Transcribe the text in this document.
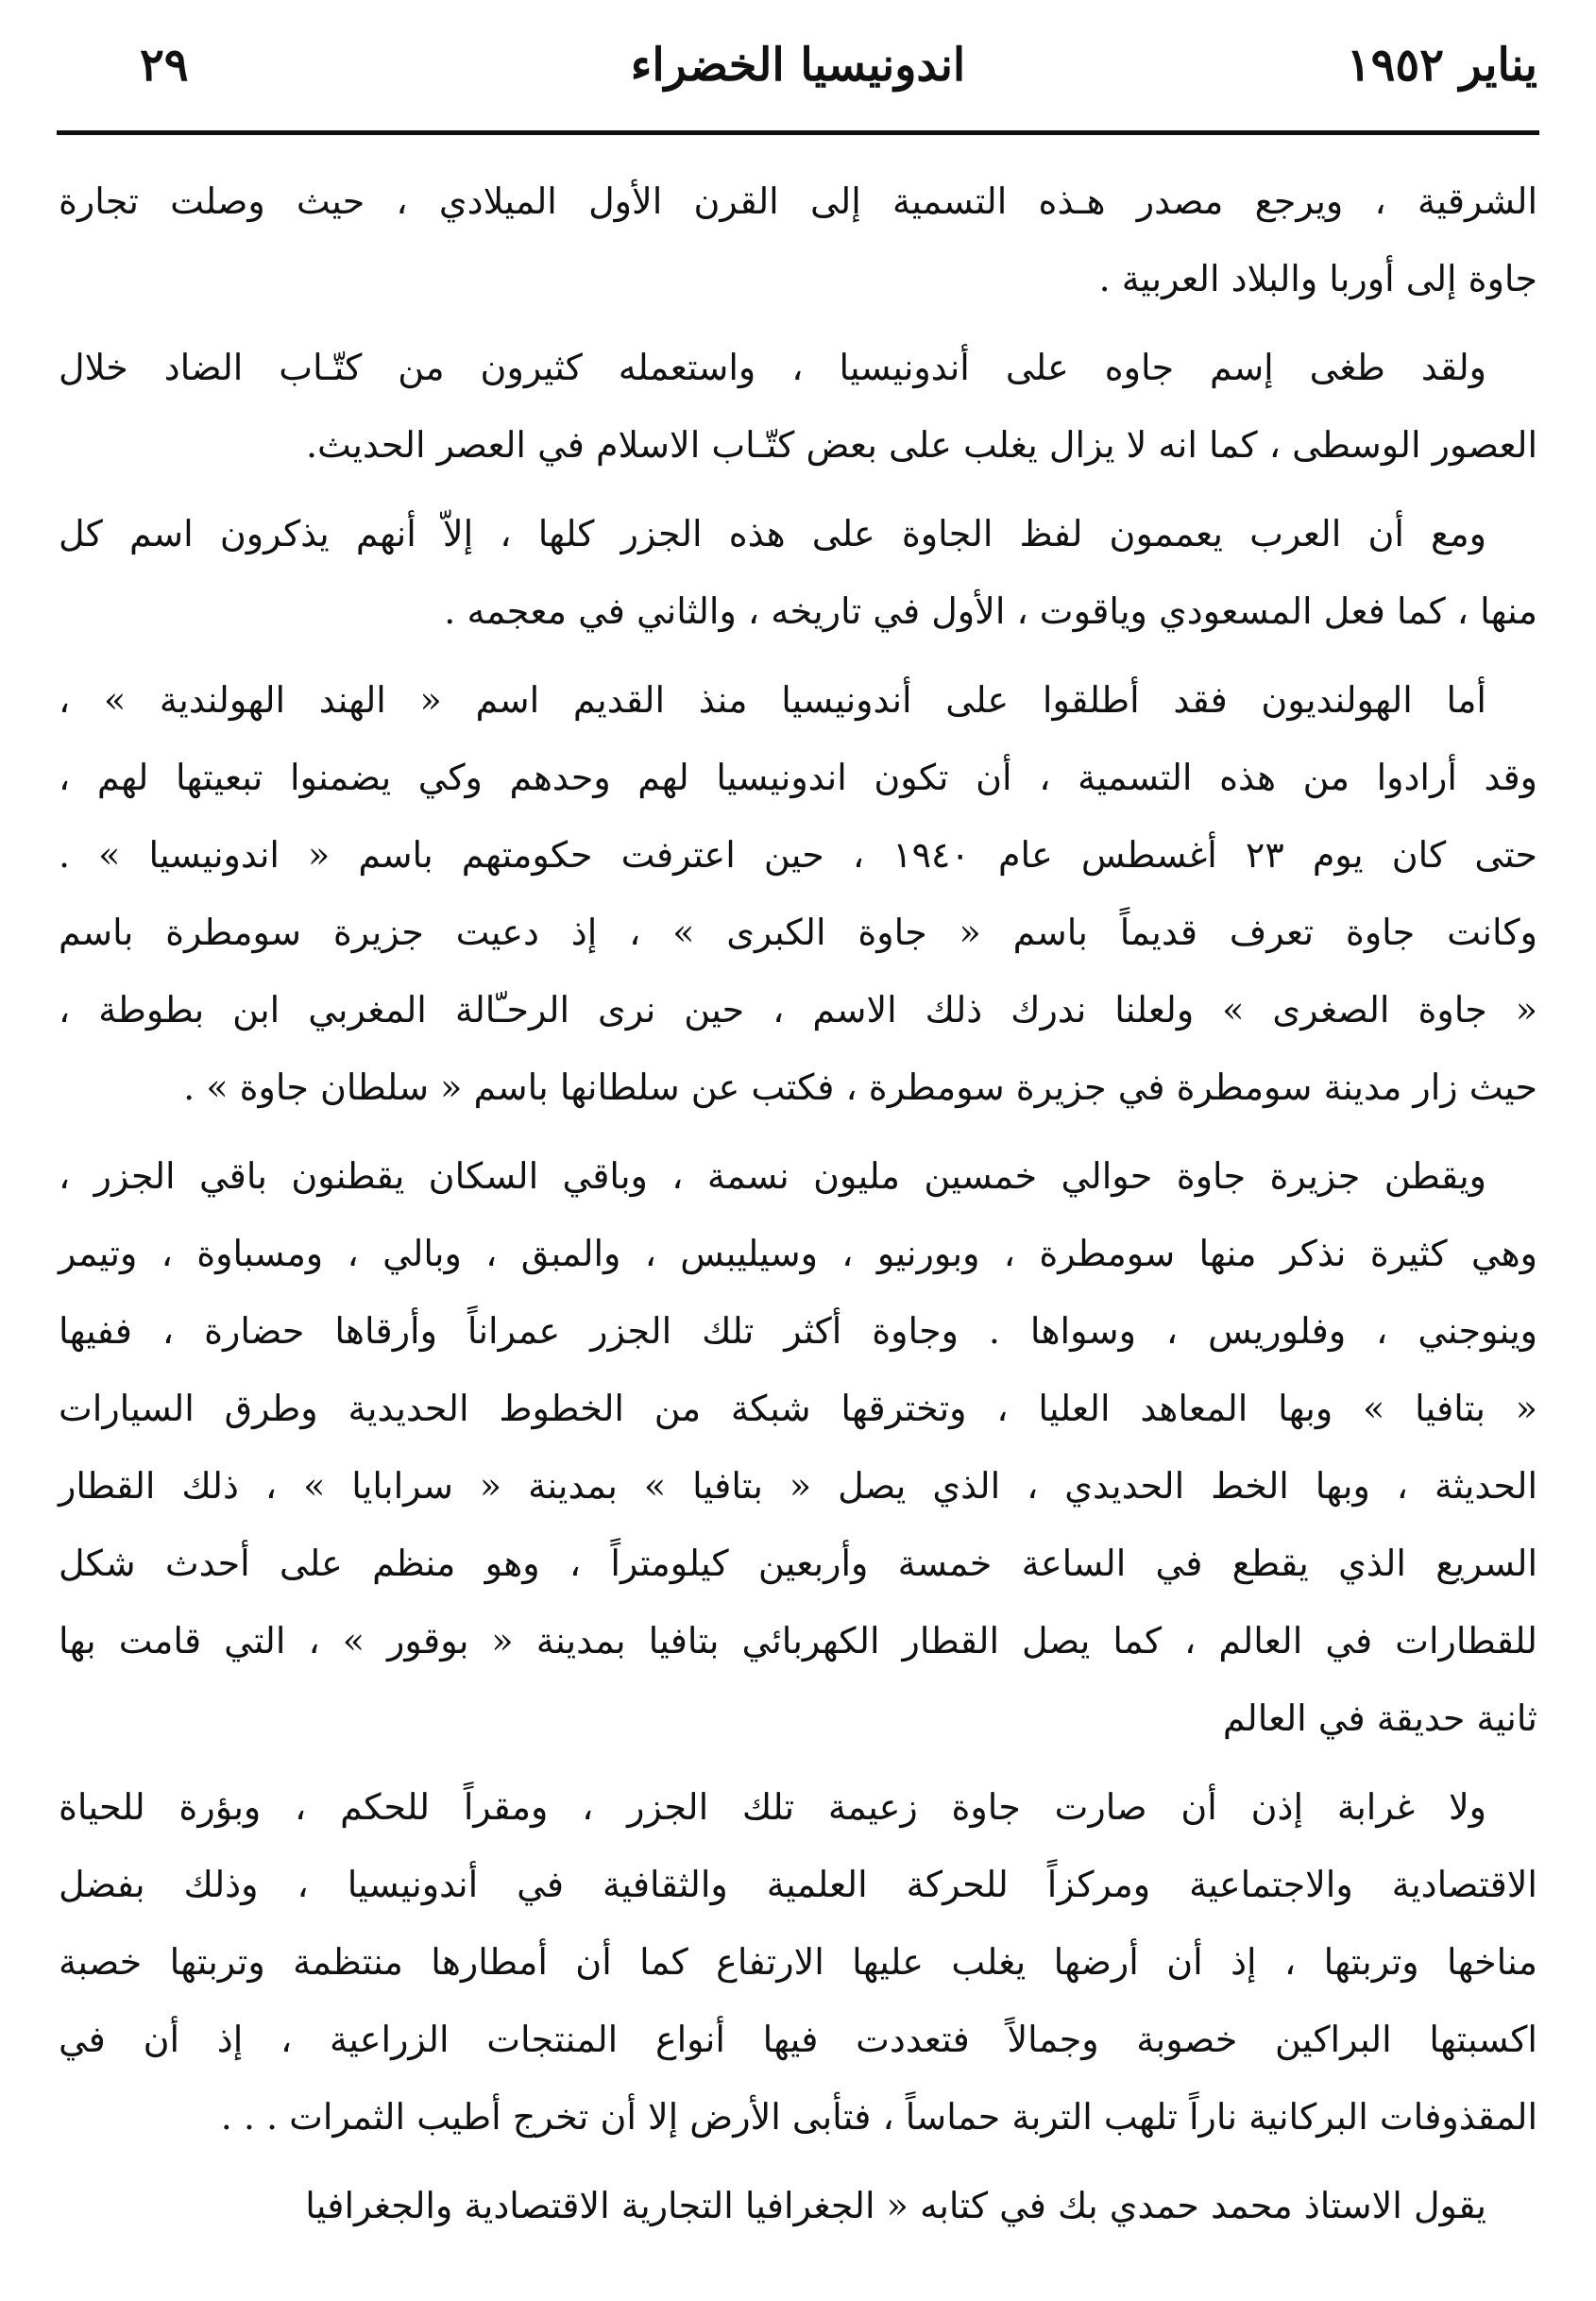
يناير ١٩٥٢
اندونيسيا الخضراء
٢٩

الشرقية ، ويرجع مصدر هـذه التسمية إلى القرن الأول الميلادي ، حيث وصلت تجارة
جاوة إلى أوربا والبلاد العربية .

ولقد طغى إسم جاوه على أندونيسيا ، واستعمله كثيرون من كتّـاب الضاد خلال
العصور الوسطى ، كما انه لا يزال يغلب على بعض كتّـاب الاسلام في العصر الحديث.

ومع أن العرب يعممون لفظ الجاوة على هذه الجزر كلها ، إلاّ أنهم يذكرون اسم كل
منها ، كما فعل المسعودي وياقوت ، الأول في تاريخه ، والثاني في معجمه .

أما الهولنديون فقد أطلقوا على أندونيسيا منذ القديم اسم « الهند الهولندية » ،
وقد أرادوا من هذه التسمية ، أن تكون اندونيسيا لهم وحدهم وكي يضمنوا تبعيتها لهم ،
حتى كان يوم ٢٣ أغسطس عام ١٩٤٠ ، حين اعترفت حكومتهم باسم « اندونيسيا » .
وكانت جاوة تعرف قديماً باسم « جاوة الكبرى » ، إذ دعيت جزيرة سومطرة باسم
« جاوة الصغرى » ولعلنا ندرك ذلك الاسم ، حين نرى الرحـّالة المغربي ابن بطوطة ،
حيث زار مدينة سومطرة في جزيرة سومطرة ، فكتب عن سلطانها باسم « سلطان جاوة » .

ويقطن جزيرة جاوة حوالي خمسين مليون نسمة ، وباقي السكان يقطنون باقي الجزر ،
وهي كثيرة نذكر منها سومطرة ، وبورنيو ، وسيليبس ، والمبق ، وبالي ، ومسباوة ، وتيمر
وينوجني ، وفلوريس ، وسواها . وجاوة أكثر تلك الجزر عمراناً وأرقاها حضارة ، ففيها
« بتافيا » وبها المعاهد العليا ، وتخترقها شبكة من الخطوط الحديدية وطرق السيارات
الحديثة ، وبها الخط الحديدي ، الذي يصل « بتافيا » بمدينة « سرابايا » ، ذلك القطار
السريع الذي يقطع في الساعة خمسة وأربعين كيلومتراً ، وهو منظم على أحدث شكل
للقطارات في العالم ، كما يصل القطار الكهربائي بتافيا بمدينة « بوقور » ، التي قامت بها
ثانية حديقة في العالم

ولا غرابة إذن أن صارت جاوة زعيمة تلك الجزر ، ومقراً للحكم ، وبؤرة للحياة
الاقتصادية والاجتماعية ومركزاً للحركة العلمية والثقافية في أندونيسيا ، وذلك بفضل
مناخها وتربتها ، إذ أن أرضها يغلب عليها الارتفاع كما أن أمطارها منتظمة وتربتها خصبة
اكسبتها البراكين خصوبة وجمالاً فتعددت فيها أنواع المنتجات الزراعية ، إذ أن في
المقذوفات البركانية ناراً تلهب التربة حماساً ، فتأبى الأرض إلا أن تخرج أطيب الثمرات . . .

يقول الاستاذ محمد حمدي بك في كتابه « الجغرافيا التجارية الاقتصادية والجغرافيا
